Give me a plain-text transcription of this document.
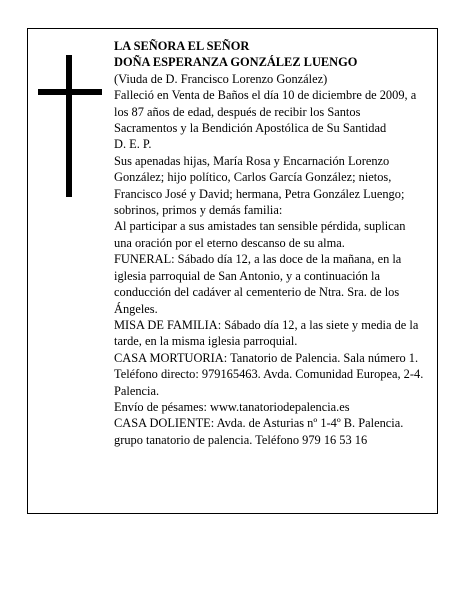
LA SEÑORA EL SEÑOR

DOÑA ESPERANZA GONZÁLEZ LUENGO

(Viuda de D. Francisco Lorenzo González)

Falleció en Venta de Baños el día 10 de diciembre de 2009, a los 87 años de edad, después de recibir los Santos Sacramentos y la Bendición Apostólica de Su Santidad

D. E. P.

Sus apenadas hijas, María Rosa y Encarnación Lorenzo González; hijo político, Carlos García González; nietos, Francisco José y David; hermana, Petra González Luengo; sobrinos, primos y demás familia:

Al participar a sus amistades tan sensible pérdida, suplican una oración por el eterno descanso de su alma.

FUNERAL: Sábado día 12, a las doce de la mañana, en la iglesia parroquial de San Antonio, y a continuación la conducción del cadáver al cementerio de Ntra. Sra. de los Ángeles.

MISA DE FAMILIA: Sábado día 12, a las siete y media de la tarde, en la misma iglesia parroquial.

CASA MORTUORIA: Tanatorio de Palencia. Sala número 1. Teléfono directo: 979165463. Avda. Comunidad Europea, 2-4. Palencia.

Envío de pésames: www.tanatoriodepalencia.es

CASA DOLIENTE: Avda. de Asturias nº 1-4º B. Palencia.

grupo tanatorio de palencia. Teléfono 979 16 53 16
